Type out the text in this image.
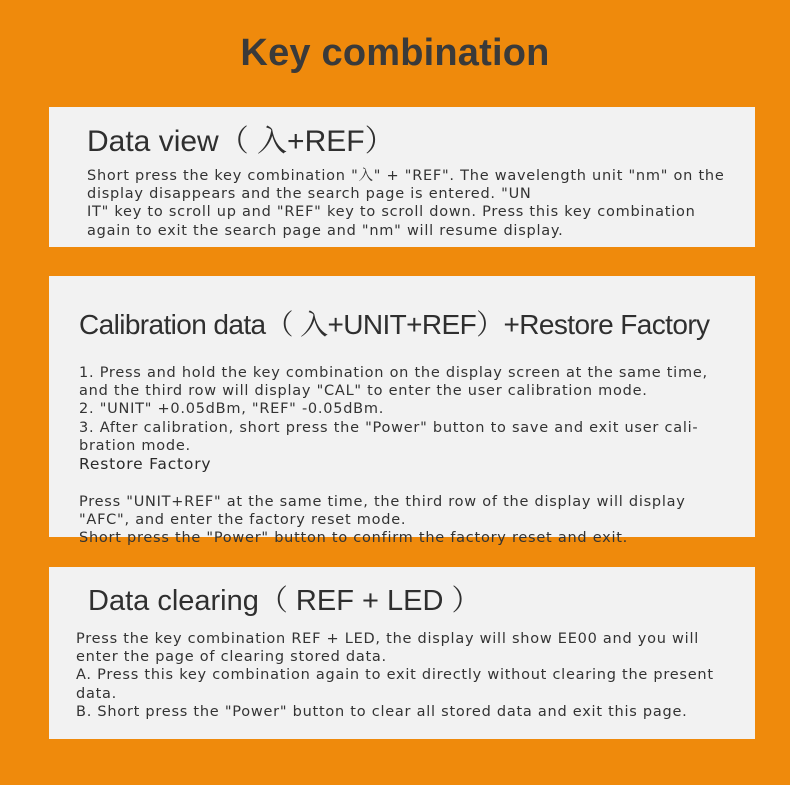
Key combination
Data view（ 入+REF）
Short press the key combination "入" + "REF". The wavelength unit "nm" on the
display disappears and the search page is entered. "UN
IT" key to scroll up and "REF" key to scroll down. Press this key combination
again to exit the search page and "nm" will resume display.
Calibration data（ 入+UNIT+REF）+Restore Factory
1. Press and hold the key combination on the display screen at the same time,
and the third row will display "CAL" to enter the user calibration mode.
2. "UNIT" +0.05dBm, "REF" -0.05dBm.
3. After calibration, short press the "Power" button to save and exit user cali-
bration mode.
Restore Factory
Press "UNIT+REF" at the same time, the third row of the display will display
"AFC", and enter the factory reset mode.
Short press the "Power" button to confirm the factory reset and exit.
Data clearing（ REF + LED ）
Press the key combination REF + LED, the display will show EE00 and you will
enter the page of clearing stored data.
A. Press this key combination again to exit directly without clearing the present
data.
B. Short press the "Power" button to clear all stored data and exit this page.
